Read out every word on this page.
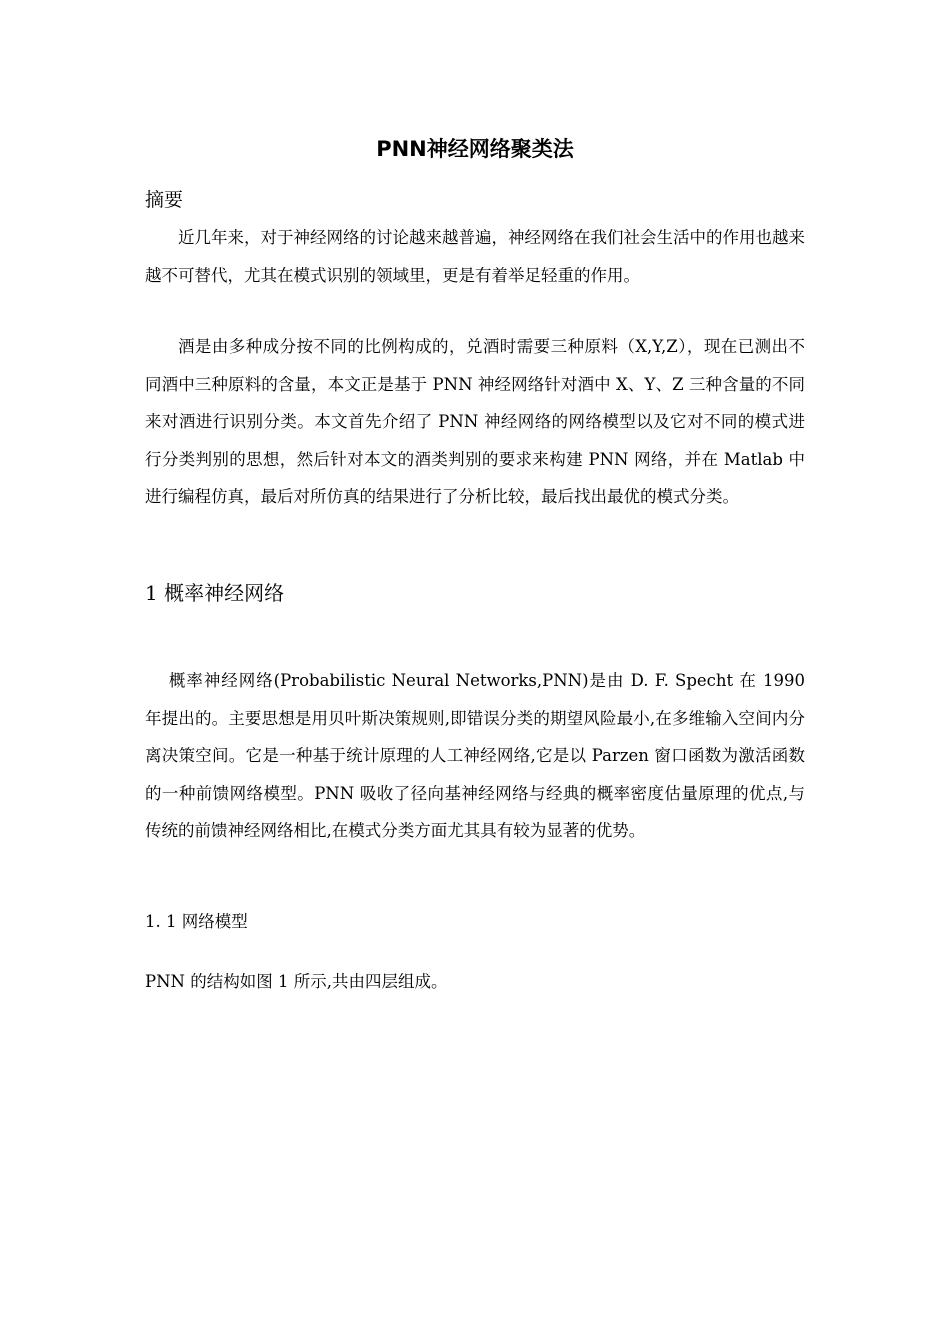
PNN神经网络聚类法
摘要

近几年来，对于神经网络的讨论越来越普遍，神经网络在我们社会生活中的作用也越来越不可替代，尤其在模式识别的领域里，更是有着举足轻重的作用。

酒是由多种成分按不同的比例构成的，兑酒时需要三种原料（X,Y,Z），现在已测出不同酒中三种原料的含量，本文正是基于 PNN 神经网络针对酒中 X、Y、Z 三种含量的不同来对酒进行识别分类。本文首先介绍了 PNN 神经网络的网络模型以及它对不同的模式进行分类判别的思想，然后针对本文的酒类判别的要求来构建 PNN 网络，并在 Matlab 中进行编程仿真，最后对所仿真的结果进行了分析比较，最后找出最优的模式分类。

1 概率神经网络

概率神经网络(Probabilistic Neural Networks,PNN)是由 D. F. Specht 在 1990 年提出的。主要思想是用贝叶斯决策规则,即错误分类的期望风险最小,在多维输入空间内分离决策空间。它是一种基于统计原理的人工神经网络,它是以 Parzen 窗口函数为激活函数的一种前馈网络模型。PNN 吸收了径向基神经网络与经典的概率密度估量原理的优点,与传统的前馈神经网络相比,在模式分类方面尤其具有较为显著的优势。

1. 1 网络模型

PNN 的结构如图 1 所示,共由四层组成。
